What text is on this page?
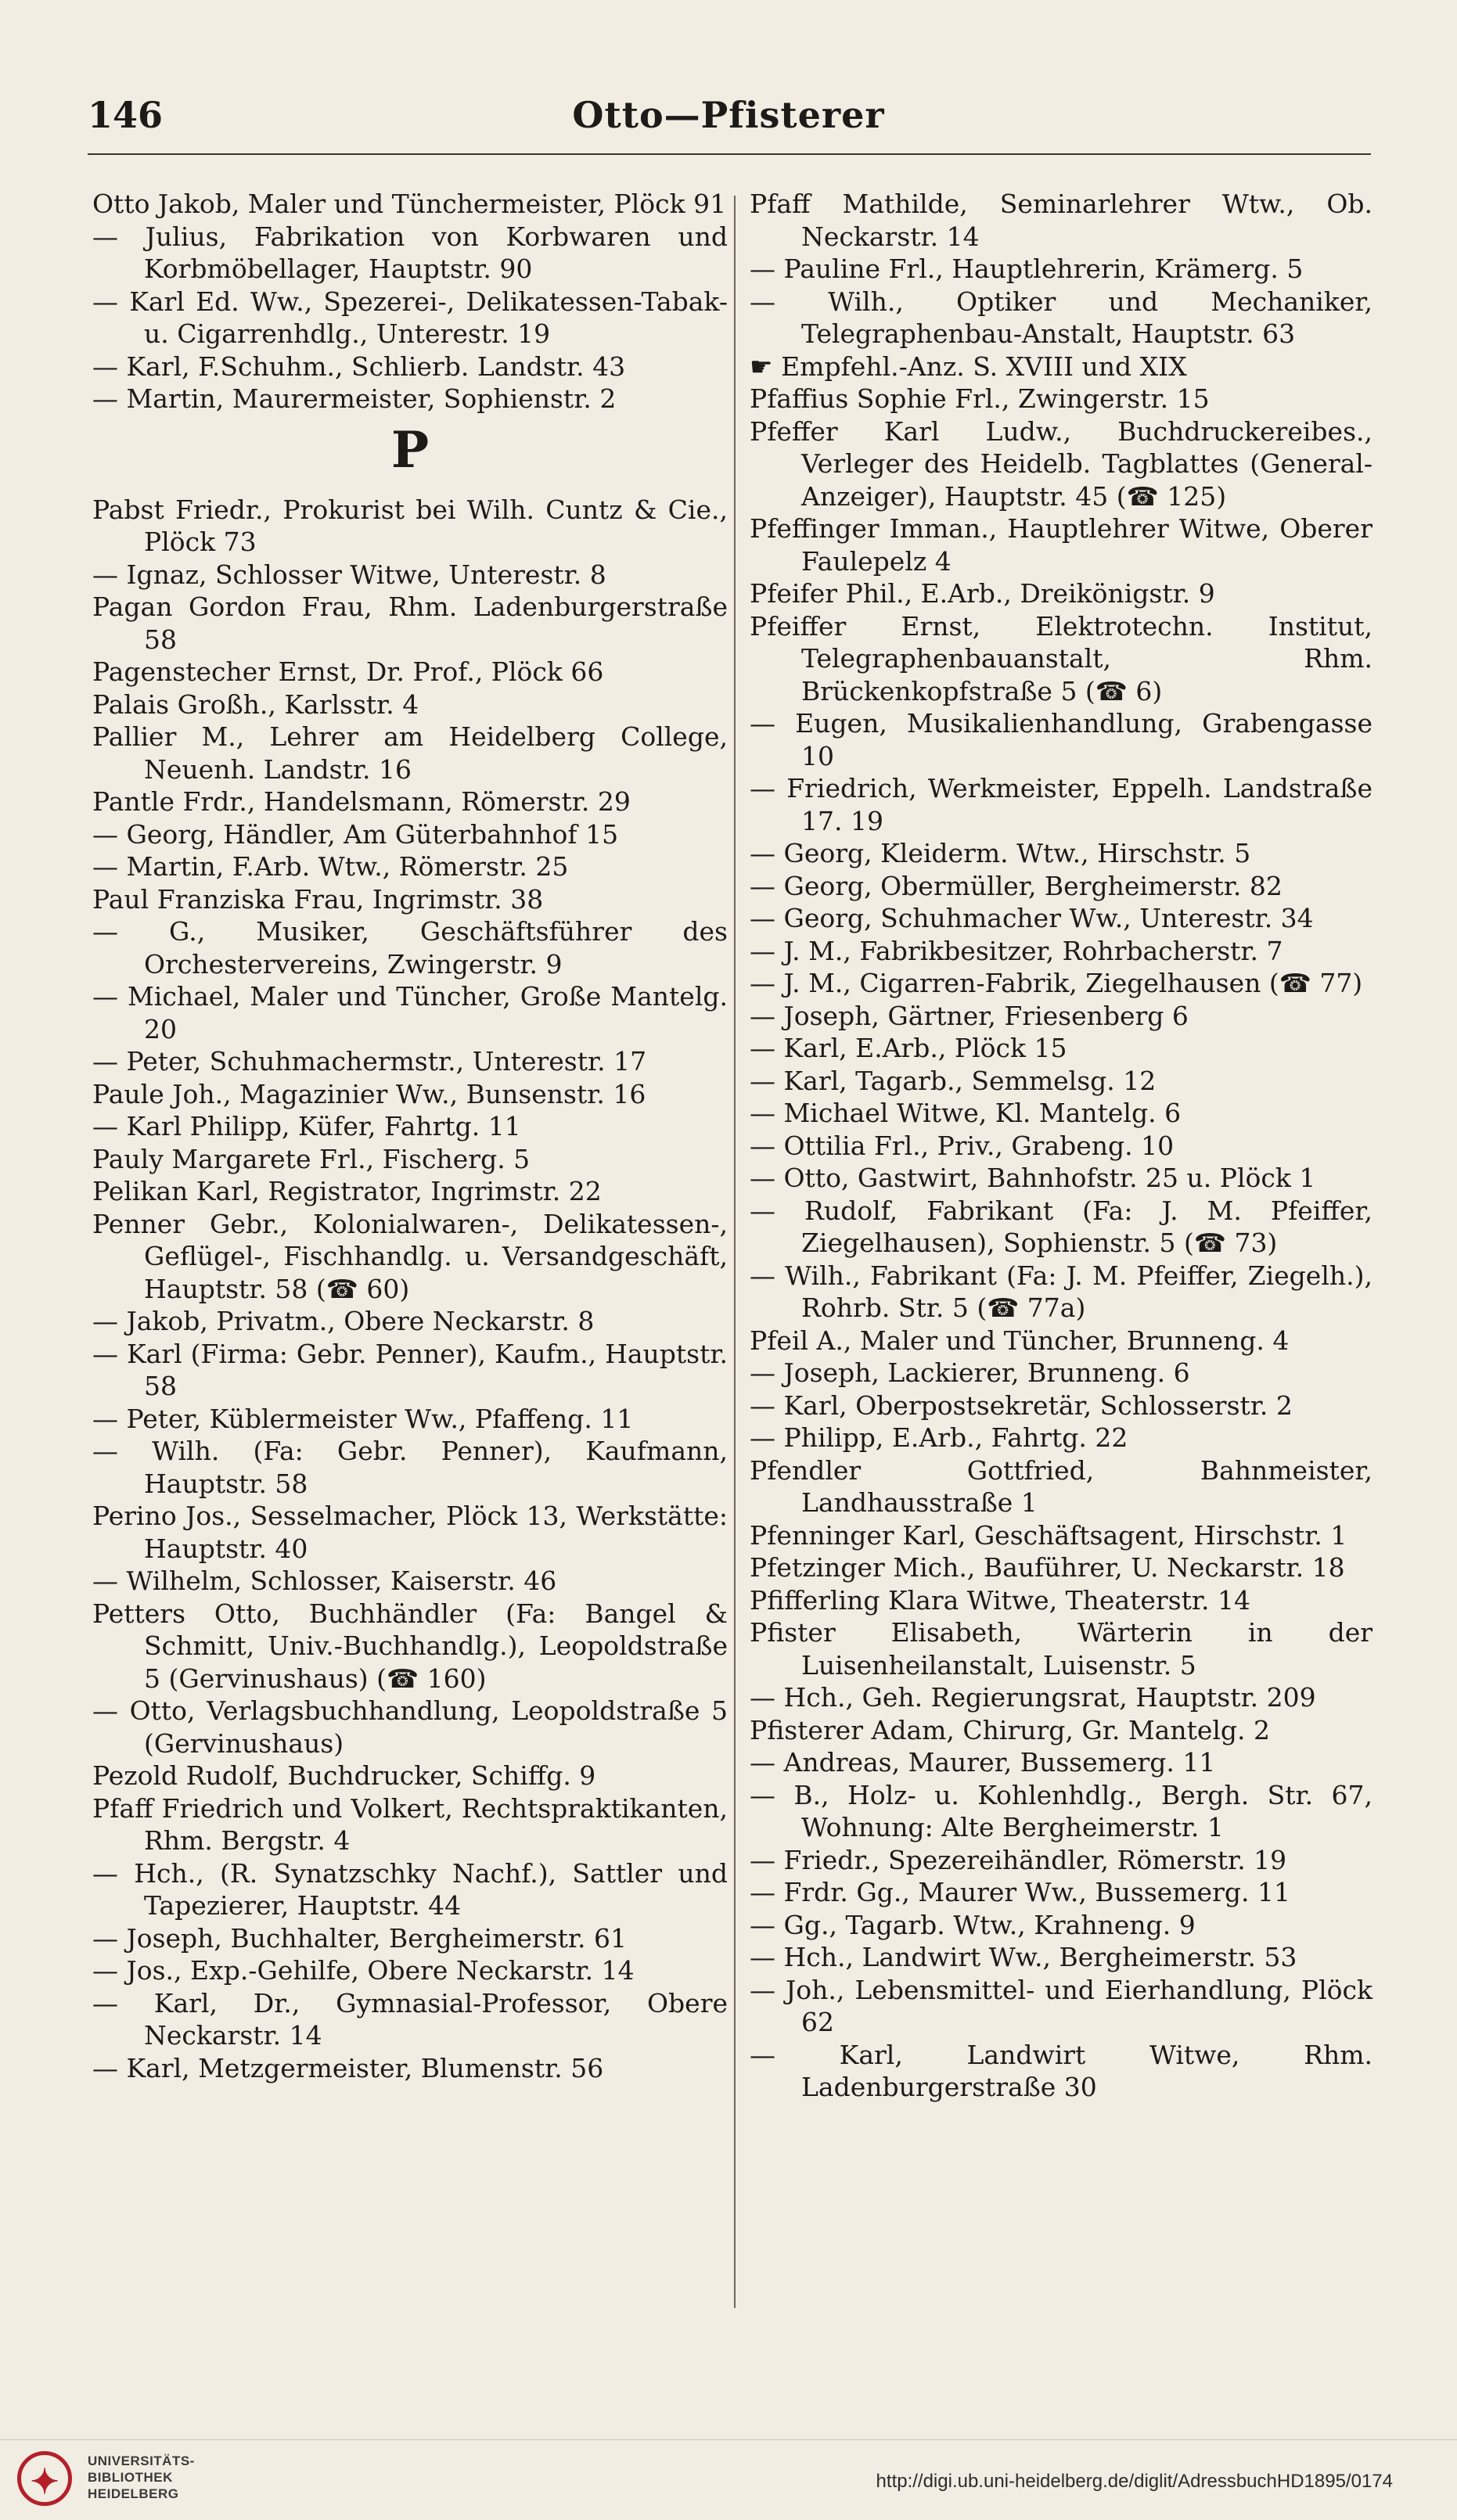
146	Otto—Pfisterer

Otto Jakob, Maler und Tünchermeister, Plöck 91

— Julius, Fabrikation von Korbwaren und Korbmöbellager, Hauptstr. 90

— Karl Ed. Ww., Spezerei-, Delikatessen-Tabak- u. Cigarrenhdlg., Unterestr. 19

— Karl, F.Schuhm., Schlierb. Landstr. 43

— Martin, Maurermeister, Sophienstr. 2

P

Pabst Friedr., Prokurist bei Wilh. Cuntz & Cie., Plöck 73

— Ignaz, Schlosser Witwe, Unterestr. 8

Pagan Gordon Frau, Rhm. Ladenburgerstraße 58

Pagenstecher Ernst, Dr. Prof., Plöck 66

Palais Großh., Karlsstr. 4

Pallier M., Lehrer am Heidelberg College, Neuenh. Landstr. 16

Pantle Frdr., Handelsmann, Römerstr. 29

— Georg, Händler, Am Güterbahnhof 15

— Martin, F.Arb. Wtw., Römerstr. 25

Paul Franziska Frau, Ingrimstr. 38

— G., Musiker, Geschäftsführer des Orchestervereins, Zwingerstr. 9

— Michael, Maler und Tüncher, Große Mantelg. 20

— Peter, Schuhmachermstr., Unterestr. 17

Paule Joh., Magazinier Ww., Bunsenstr. 16

— Karl Philipp, Küfer, Fahrtg. 11

Pauly Margarete Frl., Fischerg. 5

Pelikan Karl, Registrator, Ingrimstr. 22

Penner Gebr., Kolonialwaren-, Delikatessen-, Geflügel-, Fischhandlg. u. Versandgeschäft, Hauptstr. 58 (☎ 60)

— Jakob, Privatm., Obere Neckarstr. 8

— Karl (Firma: Gebr. Penner), Kaufm., Hauptstr. 58

— Peter, Küblermeister Ww., Pfaffeng. 11

— Wilh. (Fa: Gebr. Penner), Kaufmann, Hauptstr. 58

Perino Jos., Sesselmacher, Plöck 13, Werkstätte: Hauptstr. 40

— Wilhelm, Schlosser, Kaiserstr. 46

Petters Otto, Buchhändler (Fa: Bangel & Schmitt, Univ.-Buchhandlg.), Leopoldstraße 5 (Gervinushaus) (☎ 160)

— Otto, Verlagsbuchhandlung, Leopoldstraße 5 (Gervinushaus)

Pezold Rudolf, Buchdrucker, Schiffg. 9

Pfaff Friedrich und Volkert, Rechtspraktikanten, Rhm. Bergstr. 4

— Hch., (R. Synatzschky Nachf.), Sattler und Tapezierer, Hauptstr. 44

— Joseph, Buchhalter, Bergheimerstr. 61

— Jos., Exp.-Gehilfe, Obere Neckarstr. 14

— Karl, Dr., Gymnasial-Professor, Obere Neckarstr. 14

— Karl, Metzgermeister, Blumenstr. 56

Pfaff Mathilde, Seminarlehrer Wtw., Ob. Neckarstr. 14

— Pauline Frl., Hauptlehrerin, Krämerg. 5

— Wilh., Optiker und Mechaniker, Telegraphenbau-Anstalt, Hauptstr. 63

☛ Empfehl.-Anz. S. XVIII und XIX

Pfaffius Sophie Frl., Zwingerstr. 15

Pfeffer Karl Ludw., Buchdruckereibes., Verleger des Heidelb. Tagblattes (General-Anzeiger), Hauptstr. 45 (☎ 125)

Pfeffinger Imman., Hauptlehrer Witwe, Oberer Faulepelz 4

Pfeifer Phil., E.Arb., Dreikönigstr. 9

Pfeiffer Ernst, Elektrotechn. Institut, Telegraphenbauanstalt, Rhm. Brückenkopfstraße 5 (☎ 6)

— Eugen, Musikalienhandlung, Grabengasse 10

— Friedrich, Werkmeister, Eppelh. Landstraße 17. 19

— Georg, Kleiderm. Wtw., Hirschstr. 5

— Georg, Obermüller, Bergheimerstr. 82

— Georg, Schuhmacher Ww., Unterestr. 34

— J. M., Fabrikbesitzer, Rohrbacherstr. 7

— J. M., Cigarren-Fabrik, Ziegelhausen (☎ 77)

— Joseph, Gärtner, Friesenberg 6

— Karl, E.Arb., Plöck 15

— Karl, Tagarb., Semmelsg. 12

— Michael Witwe, Kl. Mantelg. 6

— Ottilia Frl., Priv., Grabeng. 10

— Otto, Gastwirt, Bahnhofstr. 25 u. Plöck 1

— Rudolf, Fabrikant (Fa: J. M. Pfeiffer, Ziegelhausen), Sophienstr. 5 (☎ 73)

— Wilh., Fabrikant (Fa: J. M. Pfeiffer, Ziegelh.), Rohrb. Str. 5 (☎ 77a)

Pfeil A., Maler und Tüncher, Brunneng. 4

— Joseph, Lackierer, Brunneng. 6

— Karl, Oberpostsekretär, Schlosserstr. 2

— Philipp, E.Arb., Fahrtg. 22

Pfendler Gottfried, Bahnmeister, Landhausstraße 1

Pfenninger Karl, Geschäftsagent, Hirschstr. 1

Pfetzinger Mich., Bauführer, U. Neckarstr. 18

Pfifferling Klara Witwe, Theaterstr. 14

Pfister Elisabeth, Wärterin in der Luisenheilanstalt, Luisenstr. 5

— Hch., Geh. Regierungsrat, Hauptstr. 209

Pfisterer Adam, Chirurg, Gr. Mantelg. 2

— Andreas, Maurer, Bussemerg. 11

— B., Holz- u. Kohlenhdlg., Bergh. Str. 67, Wohnung: Alte Bergheimerstr. 1

— Friedr., Spezereihändler, Römerstr. 19

— Frdr. Gg., Maurer Ww., Bussemerg. 11

— Gg., Tagarb. Wtw., Krahneng. 9

— Hch., Landwirt Ww., Bergheimerstr. 53

— Joh., Lebensmittel- und Eierhandlung, Plöck 62

— Karl, Landwirt Witwe, Rhm. Ladenburgerstraße 30

✦
UNIVERSITÄTS-
BIBLIOTHEK
HEIDELBERG
http://digi.ub.uni-heidelberg.de/diglit/AdressbuchHD1895/0174
